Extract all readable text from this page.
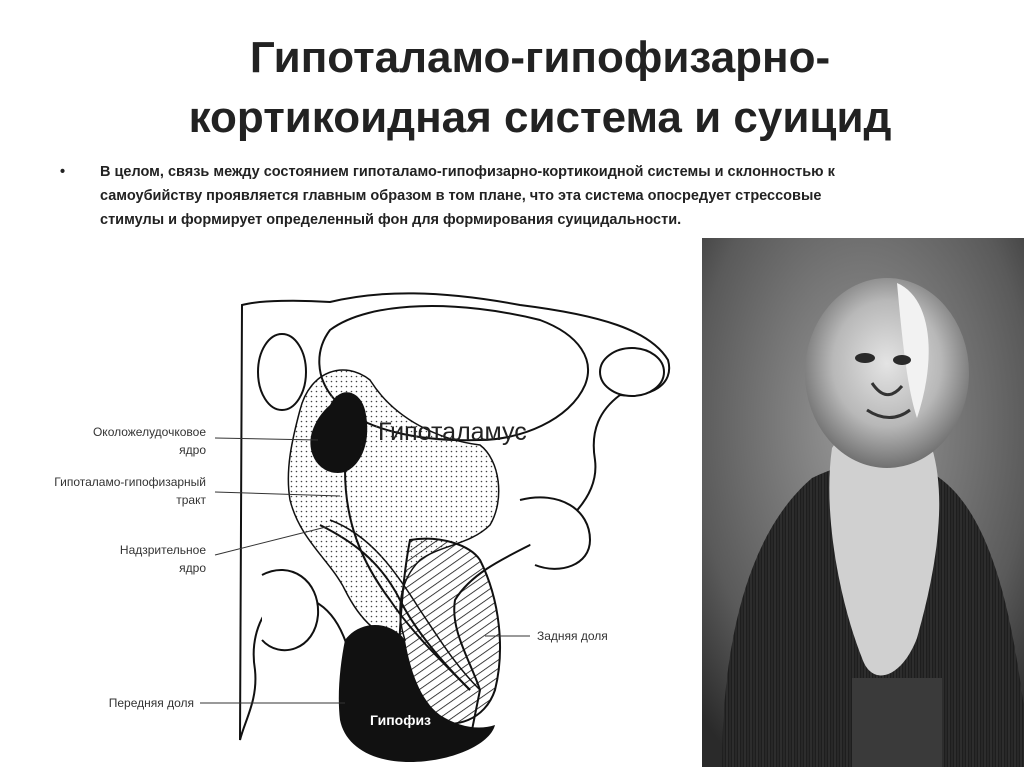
Гипоталамо-гипофизарно-
кортикоидная система и суицид
• В целом, связь между состоянием гипоталамо-гипофизарно-кортикоидной системы и склонностью к самоубийству проявляется главным образом в том плане, что эта система опосредует стрессовые стимулы и формирует определенный фон для формирования суицидальности.
Гипоталамус
Гипофиз
Околожелудочковое
ядро
Гипоталамо-гипофизарный
тракт
Надзрительное
ядро
Задняя доля
Передняя доля
